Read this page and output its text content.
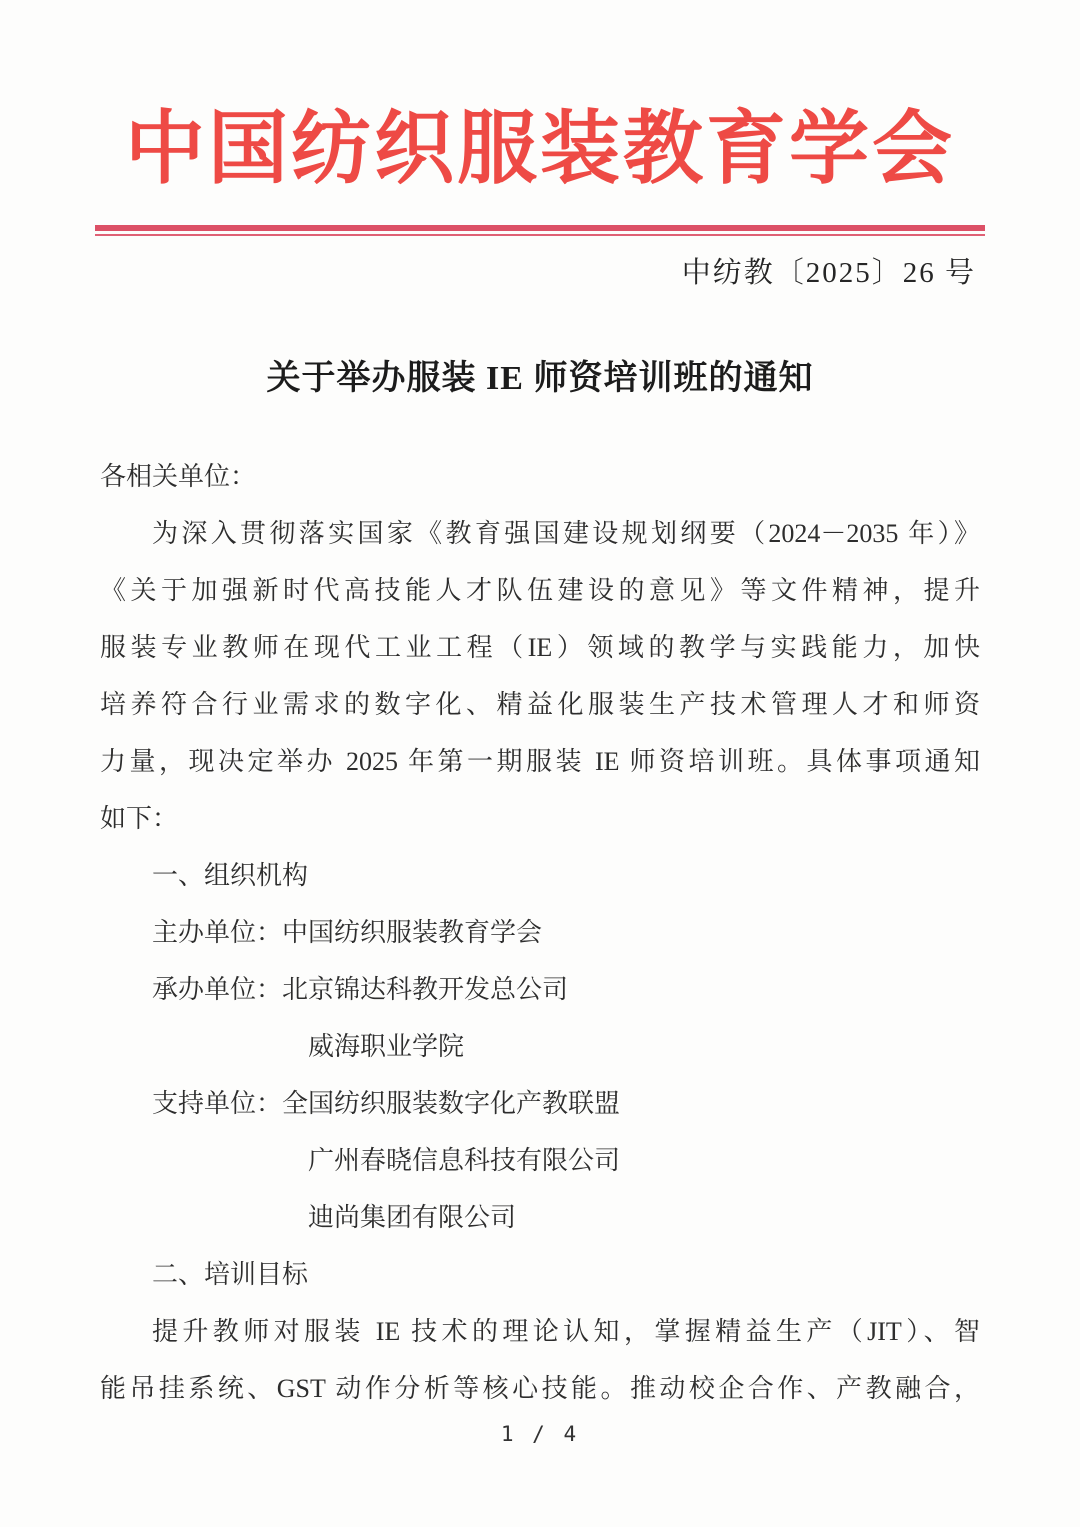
中国纺织服装教育学会
中纺教〔2025〕26 号
关于举办服装 IE 师资培训班的通知
各相关单位：
为深入贯彻落实国家《教育强国建设规划纲要（2024－2035 年）》
《关于加强新时代高技能人才队伍建设的意见》等文件精神，提升
服装专业教师在现代工业工程（IE）领域的教学与实践能力，加快
培养符合行业需求的数字化、精益化服装生产技术管理人才和师资
力量，现决定举办 2025 年第一期服装 IE 师资培训班。具体事项通知
如下：
一、组织机构
主办单位：中国纺织服装教育学会
承办单位：北京锦达科教开发总公司
威海职业学院
支持单位：全国纺织服装数字化产教联盟
广州春晓信息科技有限公司
迪尚集团有限公司
二、培训目标
提升教师对服装 IE 技术的理论认知，掌握精益生产（JIT）、智
能吊挂系统、GST 动作分析等核心技能。推动校企合作、产教融合，
1 / 4
